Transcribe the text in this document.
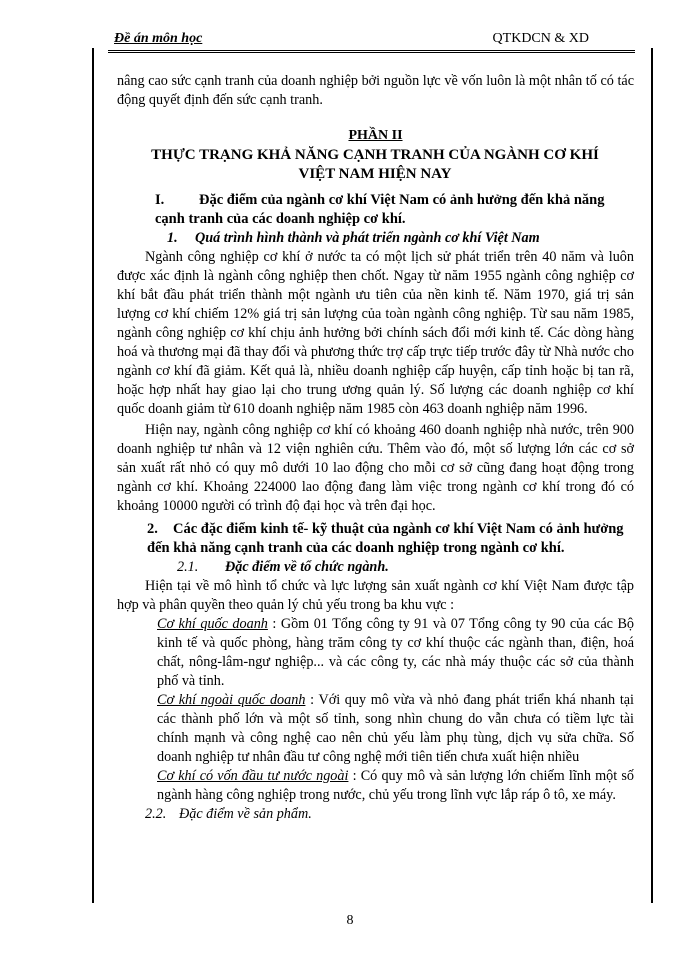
Đề án môn học	QTKDCN & XD

nâng cao sức cạnh tranh của doanh nghiệp bởi nguồn lực về vốn luôn là một nhân tố có tác động quyết định đến sức cạnh tranh.

PHẦN II
THỰC TRẠNG KHẢ NĂNG CẠNH TRANH CỦA NGÀNH CƠ KHÍ VIỆT NAM HIỆN NAY
I. Đặc điểm của ngành cơ khí Việt Nam có ảnh hưởng đến khả năng cạnh tranh của các doanh nghiệp cơ khí.
1. Quá trình hình thành và phát triển ngành cơ khí Việt Nam

Ngành công nghiệp cơ khí ở nước ta có một lịch sử phát triển trên 40 năm và luôn được xác định là ngành công nghiệp then chốt. Ngay từ năm 1955 ngành công nghiệp cơ khí bắt đầu phát triển thành một ngành ưu tiên của nền kinh tế. Năm 1970, giá trị sản lượng cơ khí chiếm 12% giá trị sản lượng của toàn ngành công nghiệp. Từ sau năm 1985, ngành công nghiệp cơ khí chịu ảnh hưởng bởi chính sách đổi mới kinh tế. Các dòng hàng hoá và thương mại đã thay đổi và phương thức trợ cấp trực tiếp trước đây từ Nhà nước cho ngành cơ khí đã giảm. Kết quả là, nhiều doanh nghiệp cấp huyện, cấp tỉnh hoặc bị tan rã, hoặc hợp nhất hay giao lại cho trung ương quản lý. Số lượng các doanh nghiệp cơ khí quốc doanh giảm từ 610 doanh nghiệp năm 1985 còn 463 doanh nghiệp năm 1996.

Hiện nay, ngành công nghiệp cơ khí có khoảng 460 doanh nghiệp nhà nước, trên 900 doanh nghiệp tư nhân và 12 viện nghiên cứu. Thêm vào đó, một số lượng lớn các cơ sở sản xuất rất nhỏ có quy mô dưới 10 lao động cho mỗi cơ sở cũng đang hoạt động trong ngành cơ khí. Khoảng 224000 lao động đang làm việc trong ngành cơ khí trong đó có khoảng 10000 người có trình độ đại học và trên đại học.

2. Các đặc điểm kinh tế- kỹ thuật của ngành cơ khí Việt Nam có ảnh hưởng đến khả năng cạnh tranh của các doanh nghiệp trong ngành cơ khí.
2.1. Đặc điểm về tổ chức ngành.

Hiện tại về mô hình tổ chức và lực lượng sản xuất ngành cơ khí Việt Nam được tập hợp và phân quyền theo quản lý chủ yếu trong ba khu vực :

Cơ khí quốc doanh : Gồm 01 Tổng công ty 91 và 07 Tổng công ty 90 của các Bộ kinh tế và quốc phòng, hàng trăm công ty cơ khí thuộc các ngành than, điện, hoá chất, nông-lâm-ngư nghiệp... và các công ty, các nhà máy thuộc các sở của thành phố và tỉnh.

Cơ khí ngoài quốc doanh : Với quy mô vừa và nhỏ đang phát triển khá nhanh tại các thành phố lớn và một số tỉnh, song nhìn chung do vẫn chưa có tiềm lực tài chính mạnh và công nghệ cao nên chủ yếu làm phụ tùng, dịch vụ sửa chữa. Số doanh nghiệp tư nhân đầu tư công nghệ mới tiên tiến chưa xuất hiện nhiều

Cơ khí có vốn đầu tư nước ngoài : Có quy mô và sản lượng lớn chiếm lĩnh một số ngành hàng công nghiệp trong nước, chủ yếu trong lĩnh vực lắp ráp ô tô, xe máy.

2.2. Đặc điểm về sản phẩm.
8
